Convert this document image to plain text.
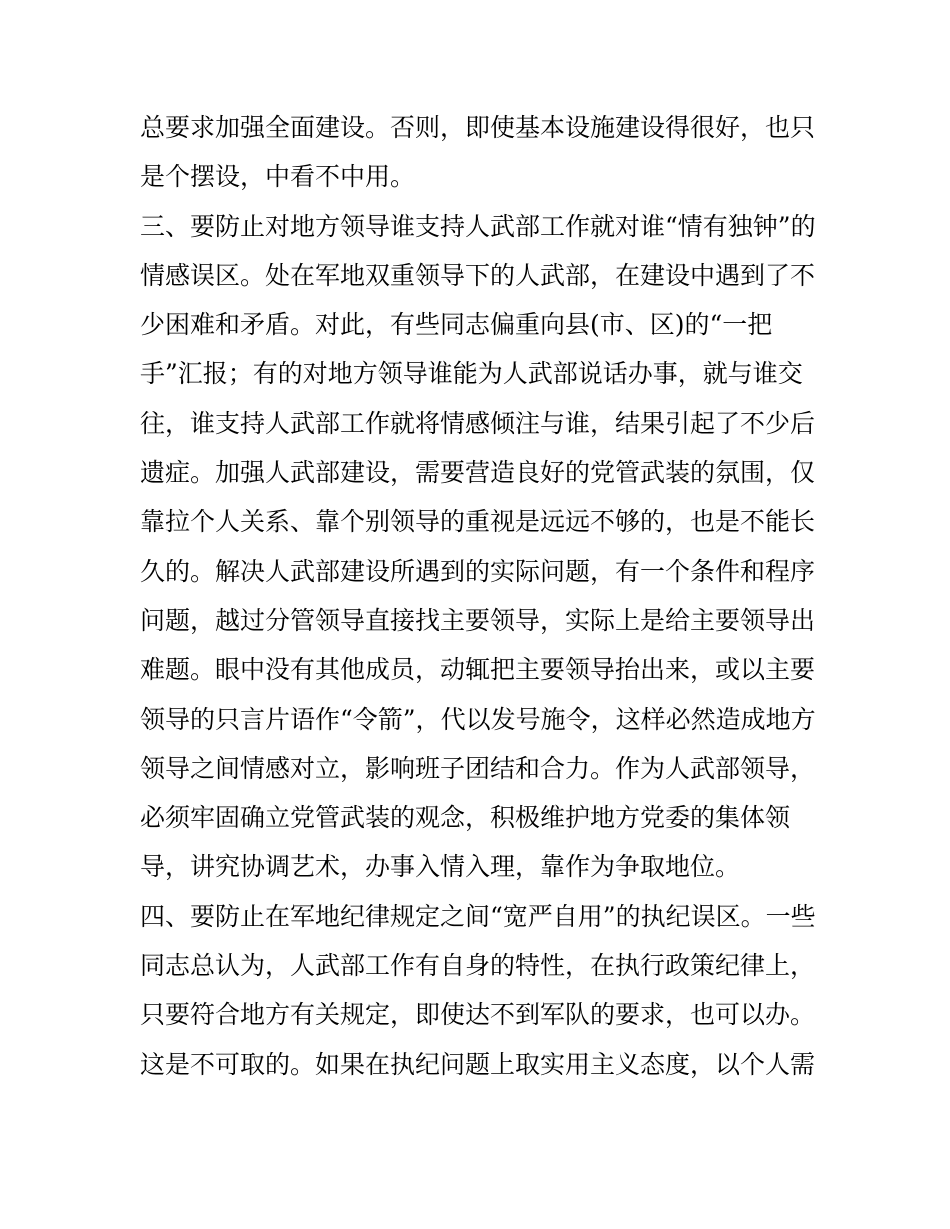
总要求加强全面建设。否则，即使基本设施建设得很好，也只

是个摆设，中看不中用。

三、要防止对地方领导谁支持人武部工作就对谁“情有独钟”的

情感误区。处在军地双重领导下的人武部，在建设中遇到了不

少困难和矛盾。对此，有些同志偏重向县(市、区)的“一把

手”汇报；有的对地方领导谁能为人武部说话办事，就与谁交

往，谁支持人武部工作就将情感倾注与谁，结果引起了不少后

遗症。加强人武部建设，需要营造良好的党管武装的氛围，仅

靠拉个人关系、靠个别领导的重视是远远不够的，也是不能长

久的。解决人武部建设所遇到的实际问题，有一个条件和程序

问题，越过分管领导直接找主要领导，实际上是给主要领导出

难题。眼中没有其他成员，动辄把主要领导抬出来，或以主要

领导的只言片语作“令箭”，代以发号施令，这样必然造成地方

领导之间情感对立，影响班子团结和合力。作为人武部领导，

必须牢固确立党管武装的观念，积极维护地方党委的集体领

导，讲究协调艺术，办事入情入理，靠作为争取地位。

四、要防止在军地纪律规定之间“宽严自用”的执纪误区。一些

同志总认为，人武部工作有自身的特性，在执行政策纪律上，

只要符合地方有关规定，即使达不到军队的要求，也可以办。

这是不可取的。如果在执纪问题上取实用主义态度，以个人需
